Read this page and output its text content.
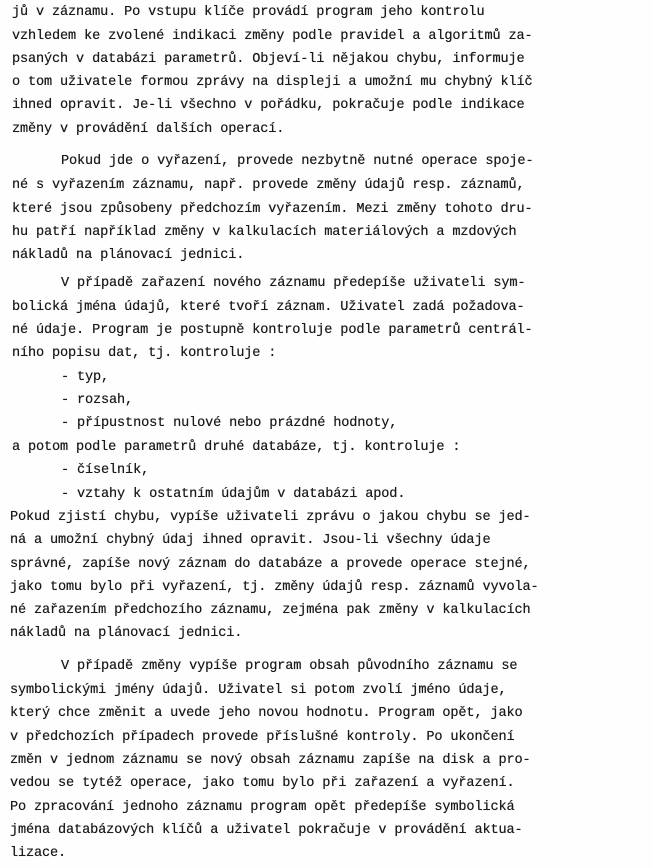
jů v záznamu. Po vstupu klíče provádí program jeho kontrolu
vzhledem ke zvolené indikaci změny podle pravidel a algoritmů za-
psaných v databázi parametrů. Objeví-li nějakou chybu, informuje
o tom uživatele formou zprávy na displeji a umožní mu chybný klíč
ihned opravit. Je-li všechno v pořádku, pokračuje podle indikace
změny v provádění dalších operací.
Pokud jde o vyřazení, provede nezbytně nutné operace spoje-
né s vyřazením záznamu, např. provede změny údajů resp. záznamů,
které jsou způsobeny předchozím vyřazením. Mezi změny tohoto dru-
hu patří například změny v kalkulacích materiálových a mzdových
nákladů na plánovací jednici.
V případě zařazení nového záznamu předepíše uživateli sym-
bolická jména údajů, které tvoří záznam. Uživatel zadá požadova-
né údaje. Program je postupně kontroluje podle parametrů centrál-
ního popisu dat, tj. kontroluje :
- typ,
- rozsah,
- přípustnost nulové nebo prázdné hodnoty,
a potom podle parametrů druhé databáze, tj. kontroluje :
- číselník,
- vztahy k ostatním údajům v databázi apod.
Pokud zjistí chybu, vypíše uživateli zprávu o jakou chybu se jed-
ná a umožní chybný údaj ihned opravit. Jsou-li všechny údaje
správné, zapíše nový záznam do databáze a provede operace stejné,
jako tomu bylo při vyřazení, tj. změny údajů resp. záznamů vyvola-
né zařazením předchozího záznamu, zejména pak změny v kalkulacích
nákladů na plánovací jednici.
V případě změny vypíše program obsah původního záznamu se
symbolickými jmény údajů. Uživatel si potom zvolí jméno údaje,
který chce změnit a uvede jeho novou hodnotu. Program opět, jako
v předchozích případech provede příslušné kontroly. Po ukončení
změn v jednom záznamu se nový obsah záznamu zapíše na disk a pro-
vedou se tytéž operace, jako tomu bylo při zařazení a vyřazení.
Po zpracování jednoho záznamu program opět předepíše symbolická
jména databázových klíčů a uživatel pokračuje v provádění aktua-
lizace.
